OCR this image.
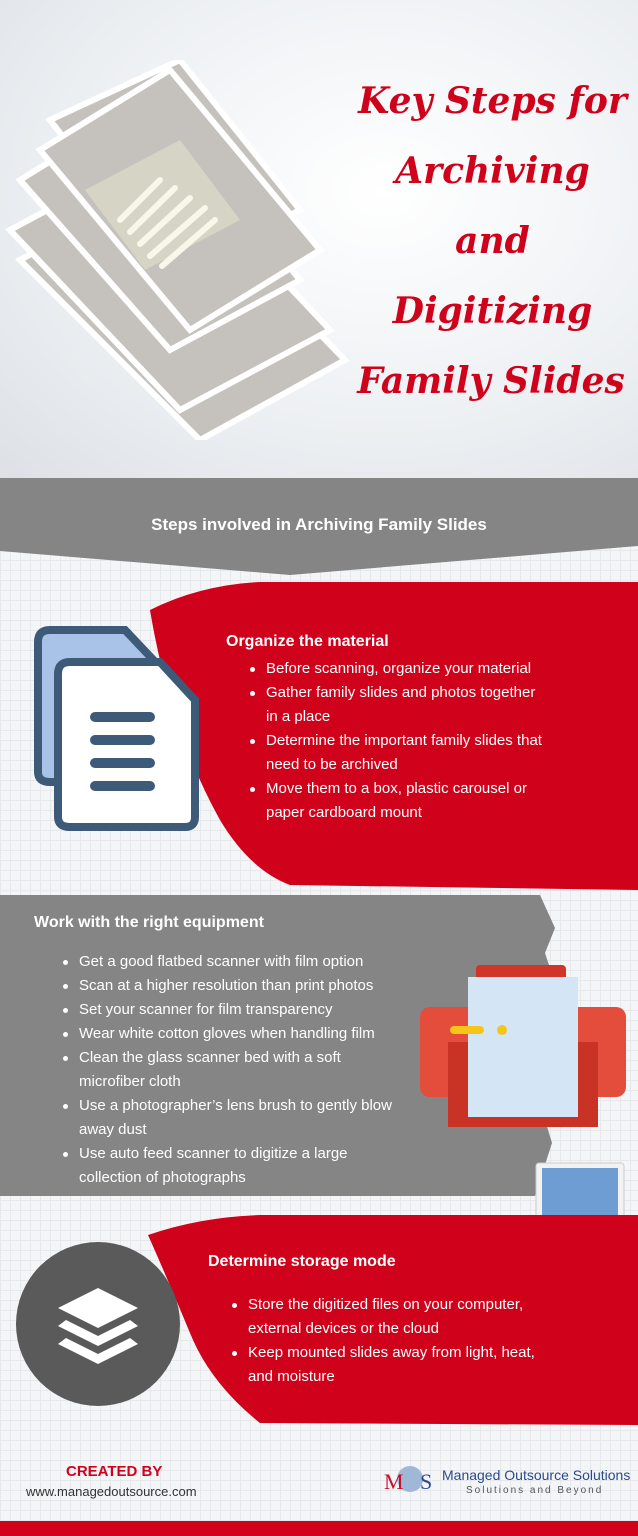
Key Steps for
Archiving
and
Digitizing
Family Slides
Steps involved in Archiving Family Slides
Organize the material
Before scanning, organize your material
Gather family slides and photos together in a place
Determine the important family slides that need to be archived
Move them to a box, plastic carousel or paper cardboard mount
Work with the right equipment
Get a good flatbed scanner with film option
Scan at a higher resolution than print photos
Set your scanner for film transparency
Wear white cotton gloves when handling film
Clean the glass scanner bed with a soft microfiber cloth
Use a photographer’s lens brush to gently blow away dust
Use auto feed scanner to digitize a large collection of photographs
Determine storage mode
Store the digitized files on your computer, external devices or the cloud
Keep mounted slides away from light, heat, and moisture
CREATED BY
www.managedoutsource.com	M S Managed Outsource Solutions
Solutions and Beyond
